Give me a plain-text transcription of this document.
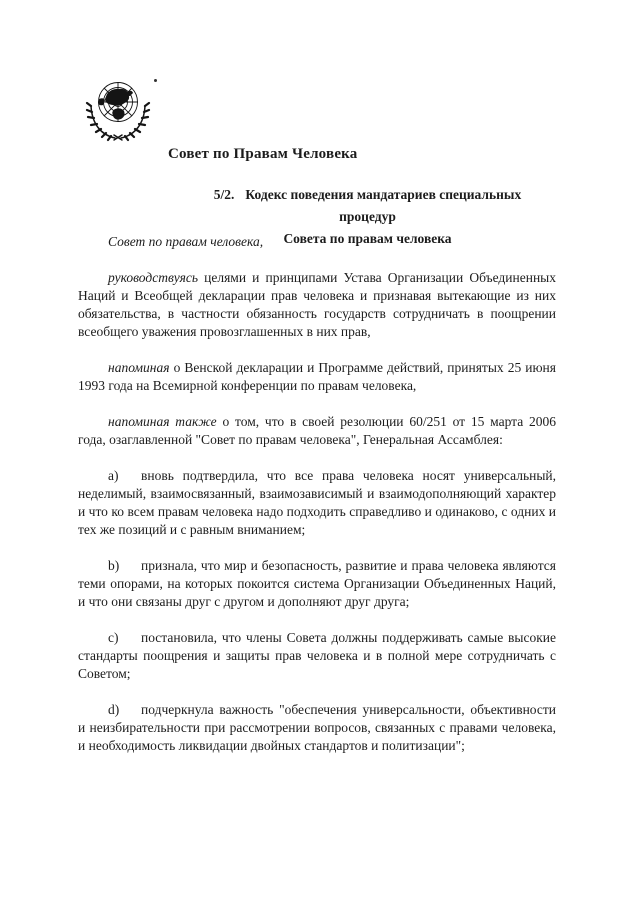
Совет по Правам Человека
5/2. Кодекс поведения мандатариев специальных процедур
Совета по правам человека

Совет по правам человека,

руководствуясь целями и принципами Устава Организации Объединенных Наций и Всеобщей декларации прав человека и признавая вытекающие из них обязательства, в частности обязанность государств сотрудничать в поощрении всеобщего уважения провозглашенных в них прав,

напоминая о Венской декларации и Программе действий, принятых 25 июня 1993 года на Всемирной конференции по правам человека,

напоминая также о том, что в своей резолюции 60/251 от 15 марта 2006 года, озаглавленной "Совет по правам человека", Генеральная Ассамблея:

a) вновь подтвердила, что все права человека носят универсальный, неделимый, взаимосвязанный, взаимозависимый и взаимодополняющий характер и что ко всем правам человека надо подходить справедливо и одинаково, с одних и тех же позиций и с равным вниманием;

b) признала, что мир и безопасность, развитие и права человека являются теми опорами, на которых покоится система Организации Объединенных Наций, и что они связаны друг с другом и дополняют друг друга;

c) постановила, что члены Совета должны поддерживать самые высокие стандарты поощрения и защиты прав человека и в полной мере сотрудничать с Советом;

d) подчеркнула важность "обеспечения универсальности, объективности и неизбирательности при рассмотрении вопросов, связанных с правами человека, и необходимость ликвидации двойных стандартов и политизации";
